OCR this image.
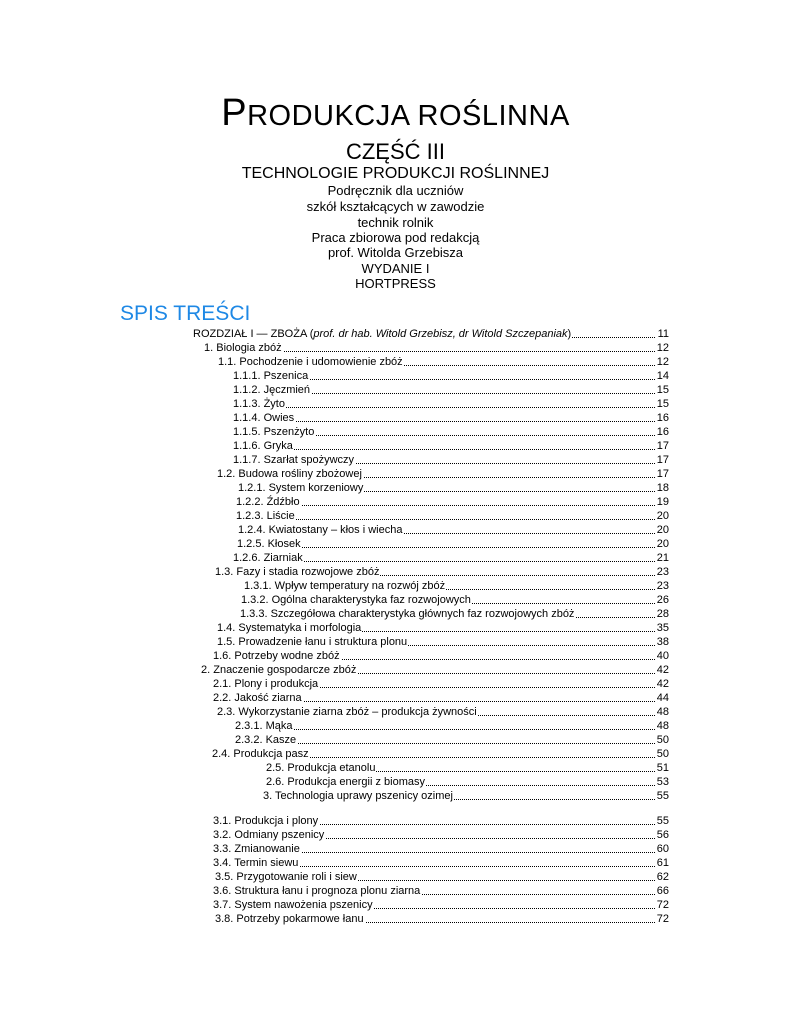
PRODUKCJA ROŚLINNA
CZĘŚĆ III
TECHNOLOGIE PRODUKCJI ROŚLINNEJ
Podręcznik dla uczniów
szkół kształcących w zawodzie
technik rolnik
Praca zbiorowa pod redakcją
prof. Witolda Grzebisza
WYDANIE I
HORTPRESS
SPIS TREŚCI
ROZDZIAŁ I — ZBOŻA (prof. dr hab. Witold Grzebisz, dr Witold Szczepaniak)	11
1. Biologia zbóż	12
1.1. Pochodzenie i udomowienie zbóż	12
1.1.1. Pszenica	14
1.1.2. Jęczmień	15
1.1.3. Żyto	15
1.1.4. Owies	16
1.1.5. Pszenżyto	16
1.1.6. Gryka	17
1.1.7. Szarłat spożywczy	17
1.2. Budowa rośliny zbożowej	17
1.2.1. System korzeniowy	18
1.2.2. Źdźbło	19
1.2.3. Liście	20
1.2.4. Kwiatostany – kłos i wiecha	20
1.2.5. Kłosek	20
1.2.6. Ziarniak	21
1.3. Fazy i stadia rozwojowe zbóż	23
1.3.1. Wpływ temperatury na rozwój zbóż	23
1.3.2. Ogólna charakterystyka faz rozwojowych	26
1.3.3. Szczegółowa charakterystyka głównych faz rozwojowych zbóż	28
1.4. Systematyka i morfologia	35
1.5. Prowadzenie łanu i struktura plonu	38
1.6. Potrzeby wodne zbóż	40
2. Znaczenie gospodarcze zbóż	42
2.1. Plony i produkcja	42
2.2. Jakość ziarna	44
2.3. Wykorzystanie ziarna zbóż – produkcja żywności	48
2.3.1. Mąka	48
2.3.2. Kasze	50
2.4. Produkcja pasz	50
2.5. Produkcja etanolu	51
2.6. Produkcja energii z biomasy	53
3. Technologia uprawy pszenicy ozimej	55
3.1. Produkcja i plony	55
3.2. Odmiany pszenicy	56
3.3. Zmianowanie	60
3.4. Termin siewu	61
3.5. Przygotowanie roli i siew	62
3.6. Struktura łanu i prognoza plonu ziarna	66
3.7. System nawożenia pszenicy	72
3.8. Potrzeby pokarmowe łanu	72
